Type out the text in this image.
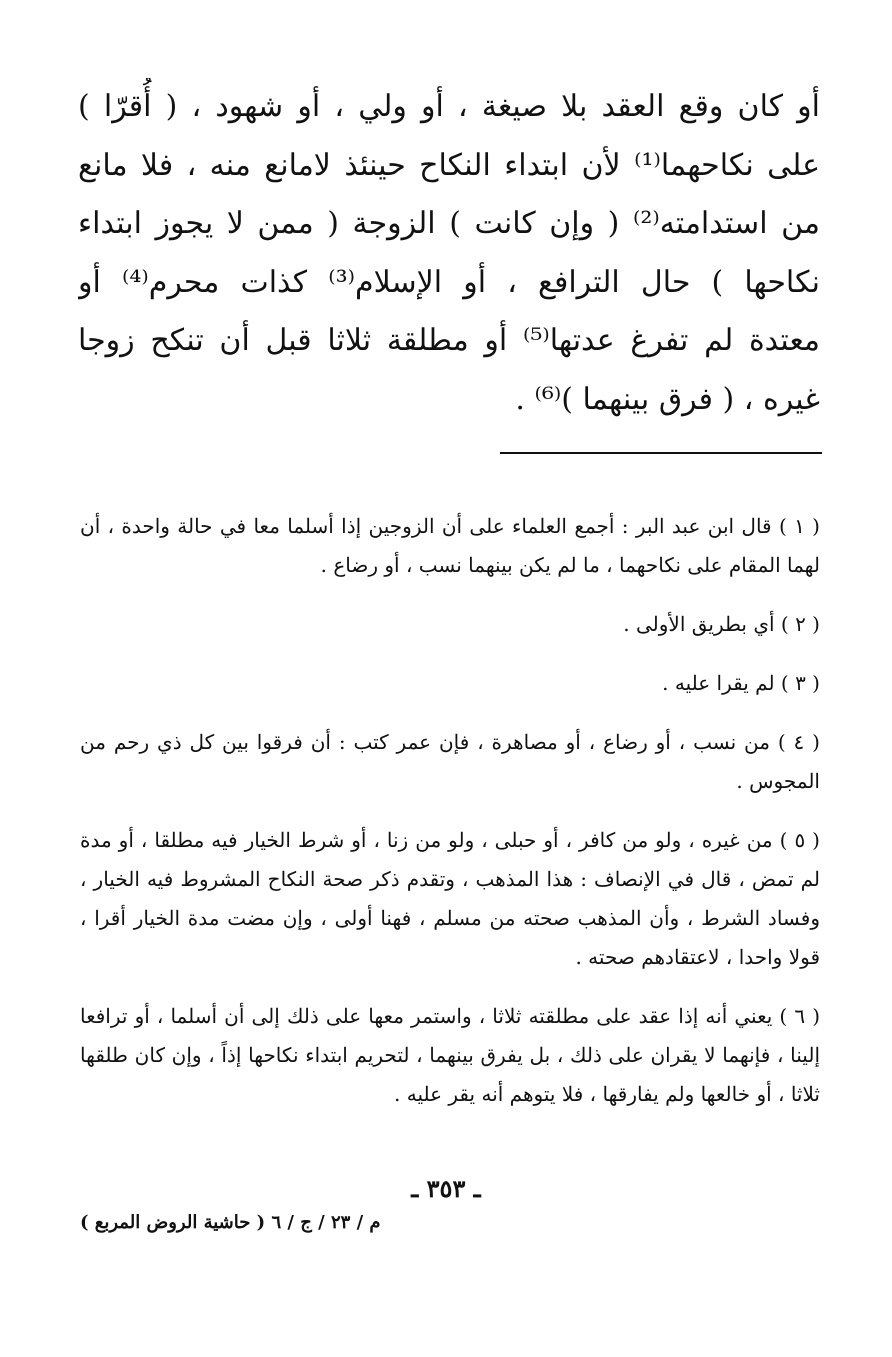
أو كان وقع العقد بلا صيغة ، أو ولي ، أو شهود ، ( أُقرّا )
على نكاحهما⁽¹⁾ لأن ابتداء النكاح حينئذ لامانع منه ، فلا مانع
من استدامته⁽²⁾ ( وإن كانت ) الزوجة ( ممن لا يجوز ابتداء
نكاحها ) حال الترافع ، أو الإسلام⁽³⁾ كذات محرم⁽⁴⁾ أو
معتدة لم تفرغ عدتها⁽⁵⁾ أو مطلقة ثلاثا قبل أن تنكح زوجا
غيره ، ( فرق بينهما )⁽⁶⁾ .

( ١ ) قال ابن عبد البر : أجمع العلماء على أن الزوجين إذا أسلما معا في حالة واحدة ، أن لهما المقام على نكاحهما ، ما لم يكن بينهما نسب ، أو رضاع .

( ٢ ) أي بطريق الأولى .

( ٣ ) لم يقرا عليه .

( ٤ ) من نسب ، أو رضاع ، أو مصاهرة ، فإن عمر كتب : أن فرقوا بين كل ذي رحم من المجوس .

( ٥ ) من غيره ، ولو من كافر ، أو حبلى ، ولو من زنا ، أو شرط الخيار فيه مطلقا ، أو مدة لم تمض ، قال في الإنصاف : هذا المذهب ، وتقدم ذكر صحة النكاح المشروط فيه الخيار ، وفساد الشرط ، وأن المذهب صحته من مسلم ، فهنا أولى ، وإن مضت مدة الخيار أقرا ، قولا واحدا ، لاعتقادهم صحته .

( ٦ ) يعني أنه إذا عقد على مطلقته ثلاثا ، واستمر معها على ذلك إلى أن أسلما ، أو ترافعا إلينا ، فإنهما لا يقران على ذلك ، بل يفرق بينهما ، لتحريم ابتداء نكاحها إذاً ، وإن كان طلقها ثلاثا ، أو خالعها ولم يفارقها ، فلا يتوهم أنه يقر عليه .

ـ ٣٥٣ ـ
م / ٢٣ / ج / ٦ ( حاشية الروض المربع )
